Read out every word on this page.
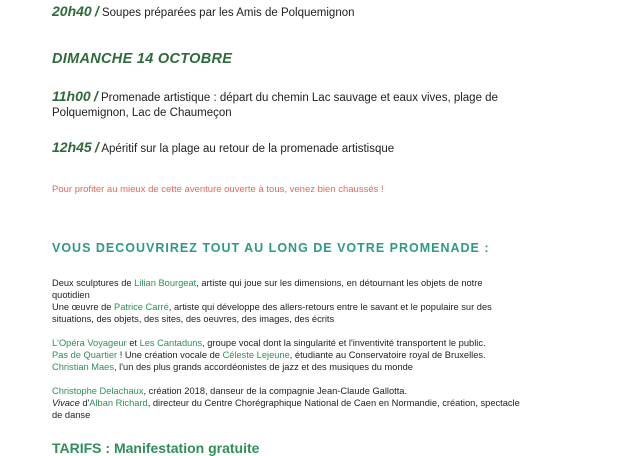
20h40 / Soupes préparées par les Amis de Polquemignon
DIMANCHE 14 OCTOBRE
11h00 / Promenade artistique : départ du chemin Lac sauvage et eaux vives, plage de
Polquemignon, Lac de Chaumeçon
12h45 / Apéritif sur la plage au retour de la promenade artistisque
Pour profiter au mieux de cette aventure ouverte à tous, venez bien chaussés !
VOUS DECOUVRIREZ TOUT AU LONG DE VOTRE PROMENADE :
Deux sculptures de Lilian Bourgeat, artiste qui joue sur les dimensions, en détournant les objets de notre
quotidien
Une œuvre de Patrice Carré, artiste qui développe des allers-retours entre le savant et le populaire sur des
situations, des objets, des sites, des oeuvres, des images, des écrits
L'Opéra Voyageur et Les Cantaduns, groupe vocal dont la singularité et l'inventivité transportent le public.
Pas de Quartier ! Une création vocale de Céleste Lejeune, étudiante au Conservatoire royal de Bruxelles.
Christian Maes, l'un des plus grands accordéonistes de jazz et des musiques du monde
Christophe Delachaux, création 2018, danseur de la compagnie Jean-Claude Gallotta.
Vivace d'Alban Richard, directeur du Centre Chorégraphique National de Caen en Normandie, création, spectacle
de danse
TARIFS : Manifestation gratuite
